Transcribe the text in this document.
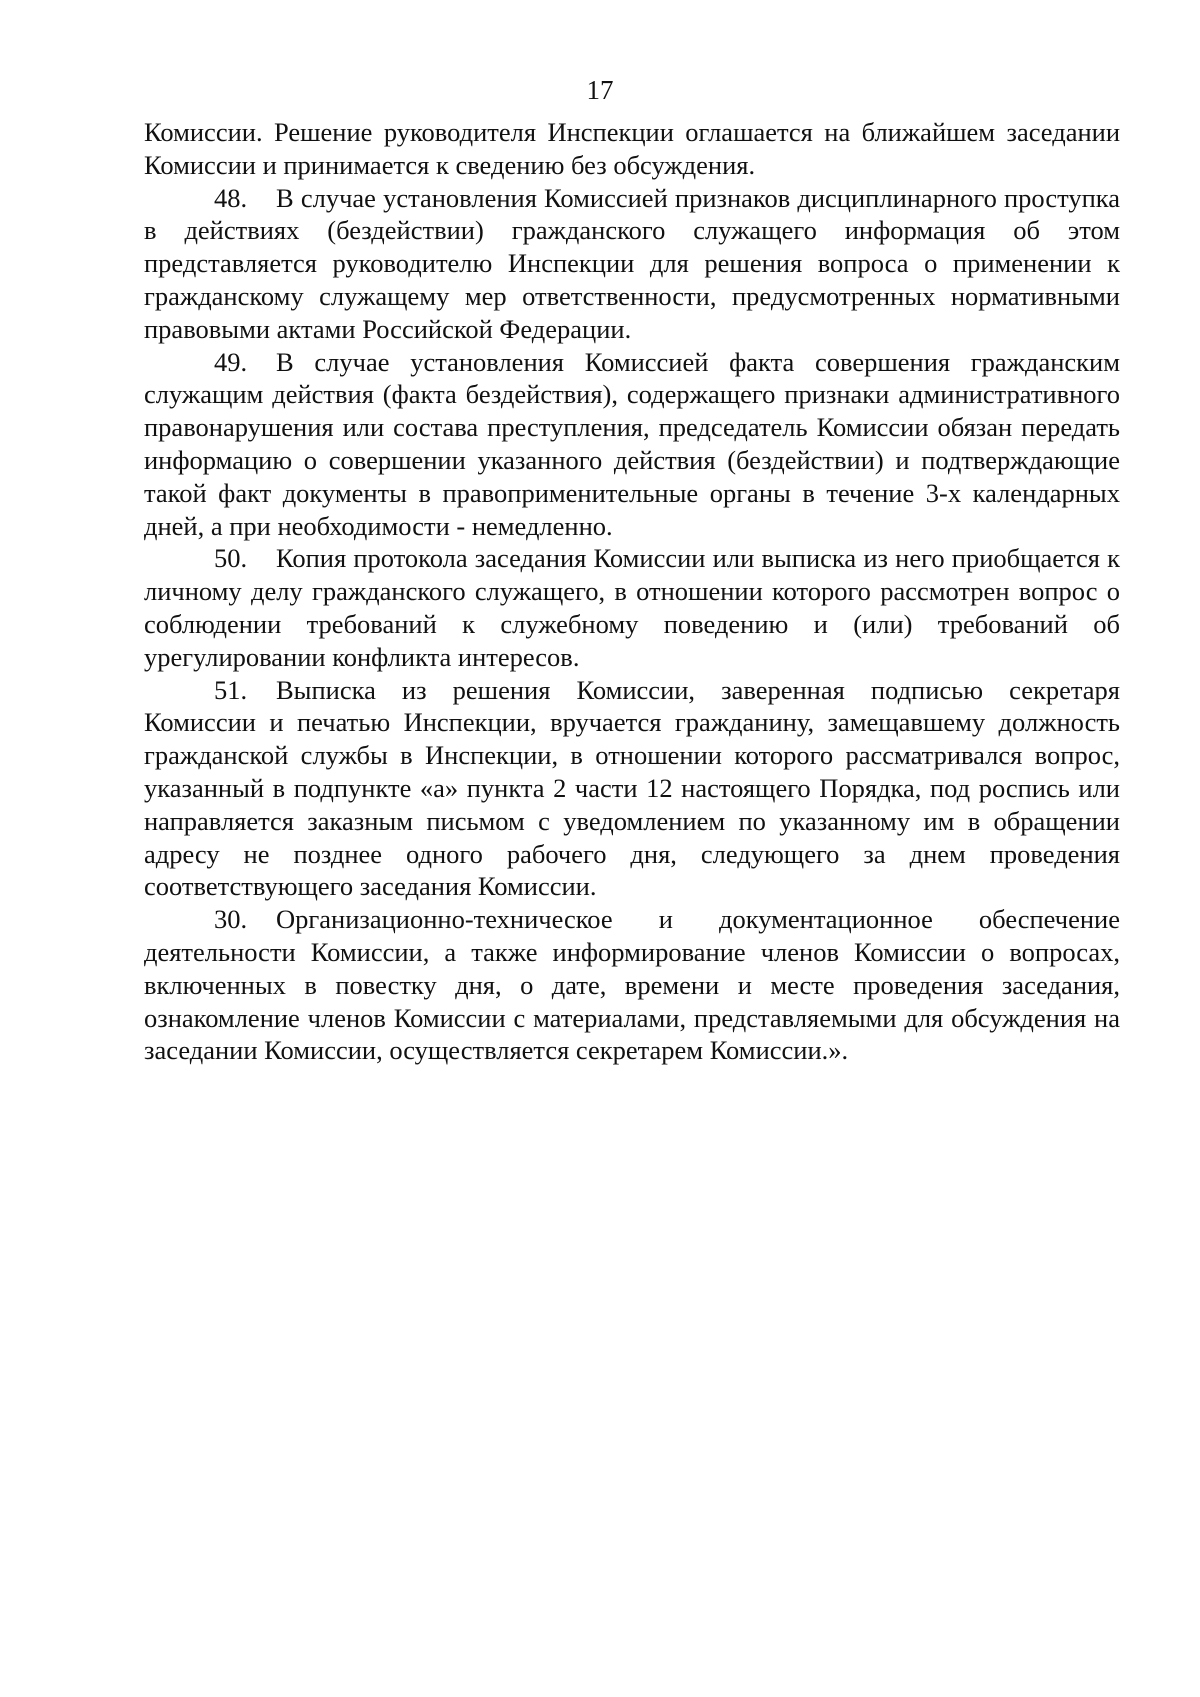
17

Комиссии. Решение руководителя Инспекции оглашается на ближайшем заседании Комиссии и принимается к сведению без обсуждения.

48. В случае установления Комиссией признаков дисциплинарного проступка в действиях (бездействии) гражданского служащего информация об этом представляется руководителю Инспекции для решения вопроса о применении к гражданскому служащему мер ответственности, предусмотренных нормативными правовыми актами Российской Федерации.

49. В случае установления Комиссией факта совершения гражданским служащим действия (факта бездействия), содержащего признаки административного правонарушения или состава преступления, председатель Комиссии обязан передать информацию о совершении указанного действия (бездействии) и подтверждающие такой факт документы в правоприменительные органы в течение 3-х календарных дней, а при необходимости - немедленно.

50. Копия протокола заседания Комиссии или выписка из него приобщается к личному делу гражданского служащего, в отношении которого рассмотрен вопрос о соблюдении требований к служебному поведению и (или) требований об урегулировании конфликта интересов.

51. Выписка из решения Комиссии, заверенная подписью секретаря Комиссии и печатью Инспекции, вручается гражданину, замещавшему должность гражданской службы в Инспекции, в отношении которого рассматривался вопрос, указанный в подпункте «а» пункта 2 части 12 настоящего Порядка, под роспись или направляется заказным письмом с уведомлением по указанному им в обращении адресу не позднее одного рабочего дня, следующего за днем проведения соответствующего заседания Комиссии.

30. Организационно-техническое и документационное обеспечение деятельности Комиссии, а также информирование членов Комиссии о вопросах, включенных в повестку дня, о дате, времени и месте проведения заседания, ознакомление членов Комиссии с материалами, представляемыми для обсуждения на заседании Комиссии, осуществляется секретарем Комиссии.».
